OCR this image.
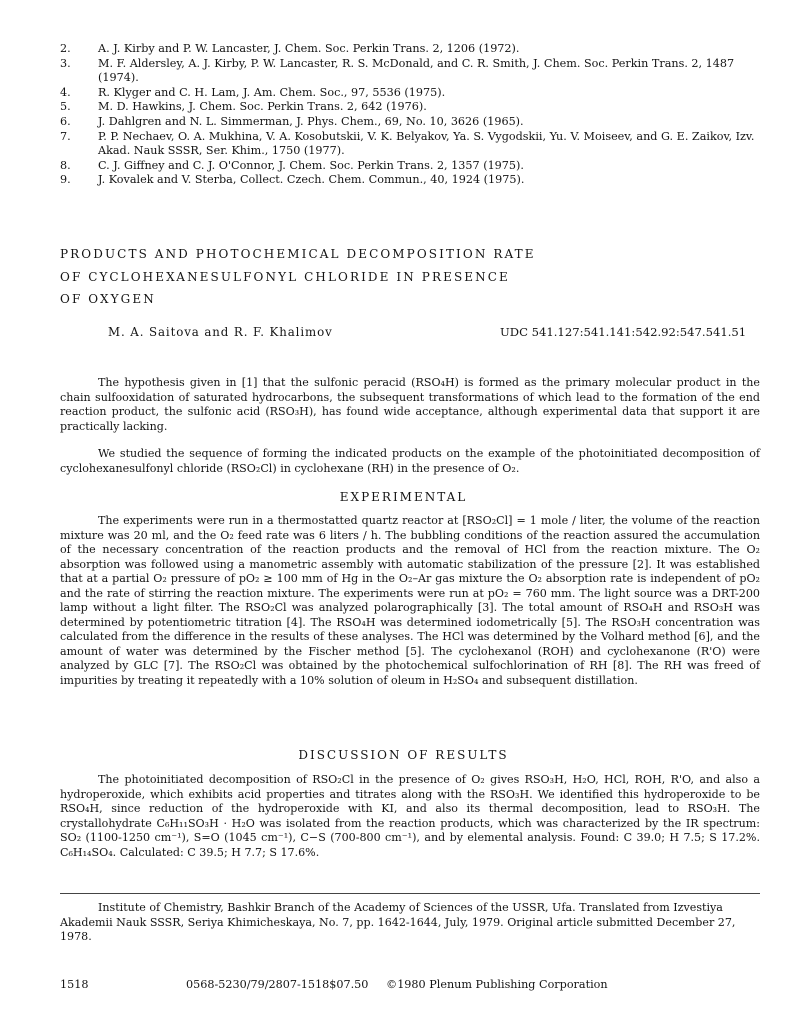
2.	A. J. Kirby and P. W. Lancaster, J. Chem. Soc. Perkin Trans. 2, 1206 (1972).
3.	M. F. Aldersley, A. J. Kirby, P. W. Lancaster, R. S. McDonald, and C. R. Smith, J. Chem. Soc. Perkin Trans. 2, 1487 (1974).
4.	R. Klyger and C. H. Lam, J. Am. Chem. Soc., 97, 5536 (1975).
5.	M. D. Hawkins, J. Chem. Soc. Perkin Trans. 2, 642 (1976).
6.	J. Dahlgren and N. L. Simmerman, J. Phys. Chem., 69, No. 10, 3626 (1965).
7.	P. P. Nechaev, O. A. Mukhina, V. A. Kosobutskii, V. K. Belyakov, Ya. S. Vygodskii, Yu. V. Moiseev, and G. E. Zaikov, Izv. Akad. Nauk SSSR, Ser. Khim., 1750 (1977).
8.	C. J. Giffney and C. J. O'Connor, J. Chem. Soc. Perkin Trans. 2, 1357 (1975).
9.	J. Kovalek and V. Sterba, Collect. Czech. Chem. Commun., 40, 1924 (1975).
PRODUCTS AND PHOTOCHEMICAL DECOMPOSITION RATE
OF CYCLOHEXANESULFONYL CHLORIDE IN PRESENCE
OF OXYGEN
M. A. Saitova and R. F. Khalimov	UDC 541.127:541.141:542.92:547.541.51
The hypothesis given in [1] that the sulfonic peracid (RSO₄H) is formed as the primary molecular product in the chain sulfooxidation of saturated hydrocarbons, the subsequent transformations of which lead to the formation of the end reaction product, the sulfonic acid (RSO₃H), has found wide acceptance, although experimental data that support it are practically lacking.
We studied the sequence of forming the indicated products on the example of the photoinitiated decomposition of cyclohexanesulfonyl chloride (RSO₂Cl) in cyclohexane (RH) in the presence of O₂.
EXPERIMENTAL
The experiments were run in a thermostatted quartz reactor at [RSO₂Cl] = 1 mole / liter, the volume of the reaction mixture was 20 ml, and the O₂ feed rate was 6 liters / h. The bubbling conditions of the reaction assured the accumulation of the necessary concentration of the reaction products and the removal of HCl from the reaction mixture. The O₂ absorption was followed using a manometric assembly with automatic stabilization of the pressure [2]. It was established that at a partial O₂ pressure of pO₂ ≥ 100 mm of Hg in the O₂–Ar gas mixture the O₂ absorption rate is independent of pO₂ and the rate of stirring the reaction mixture. The experiments were run at pO₂ = 760 mm. The light source was a DRT-200 lamp without a light filter. The RSO₂Cl was analyzed polarographically [3]. The total amount of RSO₄H and RSO₃H was determined by potentiometric titration [4]. The RSO₄H was determined iodometrically [5]. The RSO₃H concentration was calculated from the difference in the results of these analyses. The HCl was determined by the Volhard method [6], and the amount of water was determined by the Fischer method [5]. The cyclohexanol (ROH) and cyclohexanone (R'O) were analyzed by GLC [7]. The RSO₂Cl was obtained by the photochemical sulfochlorination of RH [8]. The RH was freed of impurities by treating it repeatedly with a 10% solution of oleum in H₂SO₄ and subsequent distillation.
DISCUSSION OF RESULTS
The photoinitiated decomposition of RSO₂Cl in the presence of O₂ gives RSO₃H, H₂O, HCl, ROH, R'O, and also a hydroperoxide, which exhibits acid properties and titrates along with the RSO₃H. We identified this hydroperoxide to be RSO₄H, since reduction of the hydroperoxide with KI, and also its thermal decomposition, lead to RSO₃H. The crystallohydrate C₆H₁₁SO₃H · H₂O was isolated from the reaction products, which was characterized by the IR spectrum: SO₂ (1100-1250 cm⁻¹), S=O (1045 cm⁻¹), C−S (700-800 cm⁻¹), and by elemental analysis. Found: C 39.0; H 7.5; S 17.2%. C₆H₁₄SO₄. Calculated: C 39.5; H 7.7; S 17.6%.
Institute of Chemistry, Bashkir Branch of the Academy of Sciences of the USSR, Ufa. Translated from Izvestiya Akademii Nauk SSSR, Seriya Khimicheskaya, No. 7, pp. 1642-1644, July, 1979. Original article submitted December 27, 1978.
1518	0568-5230/79/2807-1518$07.50 ©1980 Plenum Publishing Corporation
